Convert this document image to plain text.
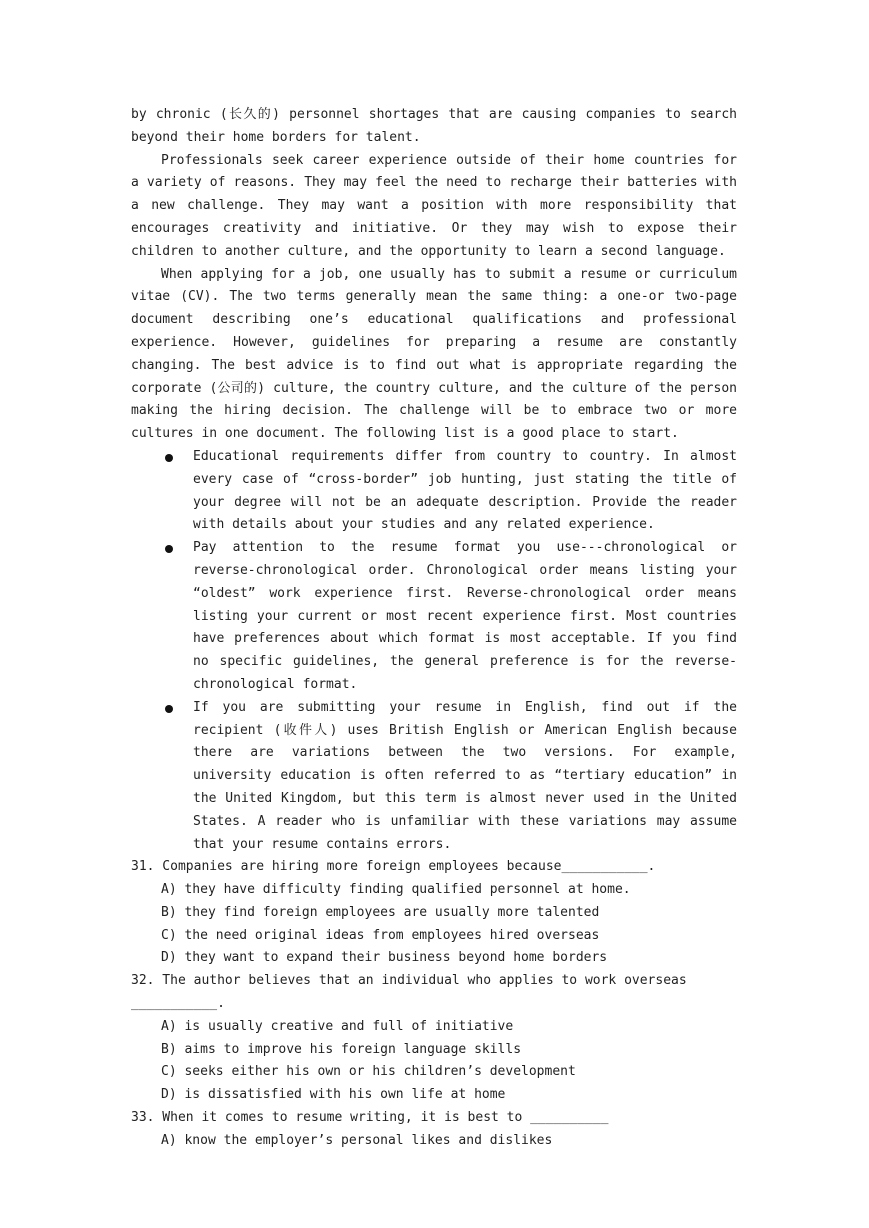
by chronic (长久的) personnel shortages that are causing companies to search beyond their home borders for talent.

Professionals seek career experience outside of their home countries for a variety of reasons. They may feel the need to recharge their batteries with a new challenge. They may want a position with more responsibility that encourages creativity and initiative. Or they may wish to expose their children to another culture, and the opportunity to learn a second language.

When applying for a job, one usually has to submit a resume or curriculum vitae (CV). The two terms generally mean the same thing: a one-or two-page document describing one’s educational qualifications and professional experience. However, guidelines for preparing a resume are constantly changing. The best advice is to find out what is appropriate regarding the corporate (公司的) culture, the country culture, and the culture of the person making the hiring decision. The challenge will be to embrace two or more cultures in one document. The following list is a good place to start.

Educational requirements differ from country to country. In almost every case of “cross-border” job hunting, just stating the title of your degree will not be an adequate description. Provide the reader with details about your studies and any related experience.
Pay attention to the resume format you use---chronological or reverse-chronological order. Chronological order means listing your “oldest” work experience first. Reverse-chronological order means listing your current or most recent experience first. Most countries have preferences about which format is most acceptable. If you find no specific guidelines, the general preference is for the reverse-chronological format.
If you are submitting your resume in English, find out if the recipient (收件人) uses British English or American English because there are variations between the two versions. For example, university education is often referred to as “tertiary education” in the United Kingdom, but this term is almost never used in the United States. A reader who is unfamiliar with these variations may assume that your resume contains errors.

31. Companies are hiring more foreign employees because___________.

A) they have difficulty finding qualified personnel at home.

B) they find foreign employees are usually more talented

C) the need original ideas from employees hired overseas

D) they want to expand their business beyond home borders

32. The author believes that an individual who applies to work overseas ___________.

A) is usually creative and full of initiative

B) aims to improve his foreign language skills

C) seeks either his own or his children’s development

D) is dissatisfied with his own life at home

33. When it comes to resume writing, it is best to __________

A) know the employer’s personal likes and dislikes
